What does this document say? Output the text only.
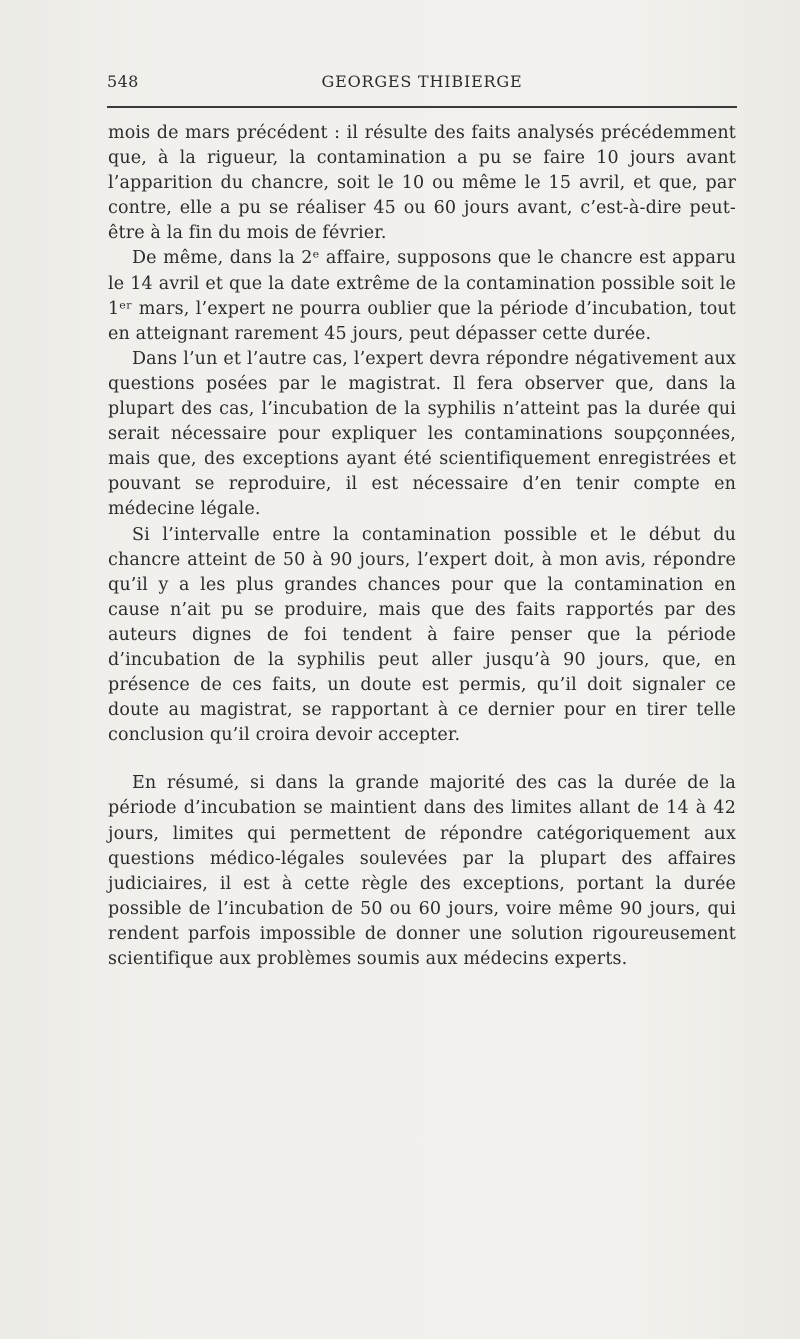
548	GEORGES THIBIERGE

mois de mars précédent : il résulte des faits analysés précédemment que, à la rigueur, la contamination a pu se faire 10 jours avant l’apparition du chancre, soit le 10 ou même le 15 avril, et que, par contre, elle a pu se réaliser 45 ou 60 jours avant, c’est-à-dire peut-être à la fin du mois de février.

De même, dans la 2ᵉ affaire, supposons que le chancre est apparu le 14 avril et que la date extrême de la contamination possible soit le 1ᵉʳ mars, l’expert ne pourra oublier que la période d’incubation, tout en atteignant rarement 45 jours, peut dépasser cette durée.

Dans l’un et l’autre cas, l’expert devra répondre négativement aux questions posées par le magistrat. Il fera observer que, dans la plupart des cas, l’incubation de la syphilis n’atteint pas la durée qui serait nécessaire pour expliquer les contaminations soupçonnées, mais que, des exceptions ayant été scientifiquement enregistrées et pouvant se reproduire, il est nécessaire d’en tenir compte en médecine légale.

Si l’intervalle entre la contamination possible et le début du chancre atteint de 50 à 90 jours, l’expert doit, à mon avis, répondre qu’il y a les plus grandes chances pour que la contamination en cause n’ait pu se produire, mais que des faits rapportés par des auteurs dignes de foi tendent à faire penser que la période d’incubation de la syphilis peut aller jusqu’à 90 jours, que, en présence de ces faits, un doute est permis, qu’il doit signaler ce doute au magistrat, se rapportant à ce dernier pour en tirer telle conclusion qu’il croira devoir accepter.

En résumé, si dans la grande majorité des cas la durée de la période d’incubation se maintient dans des limites allant de 14 à 42 jours, limites qui permettent de répondre catégoriquement aux questions médico-légales soulevées par la plupart des affaires judiciaires, il est à cette règle des exceptions, portant la durée possible de l’incubation de 50 ou 60 jours, voire même 90 jours, qui rendent parfois impossible de donner une solution rigoureusement scientifique aux problèmes soumis aux médecins experts.
